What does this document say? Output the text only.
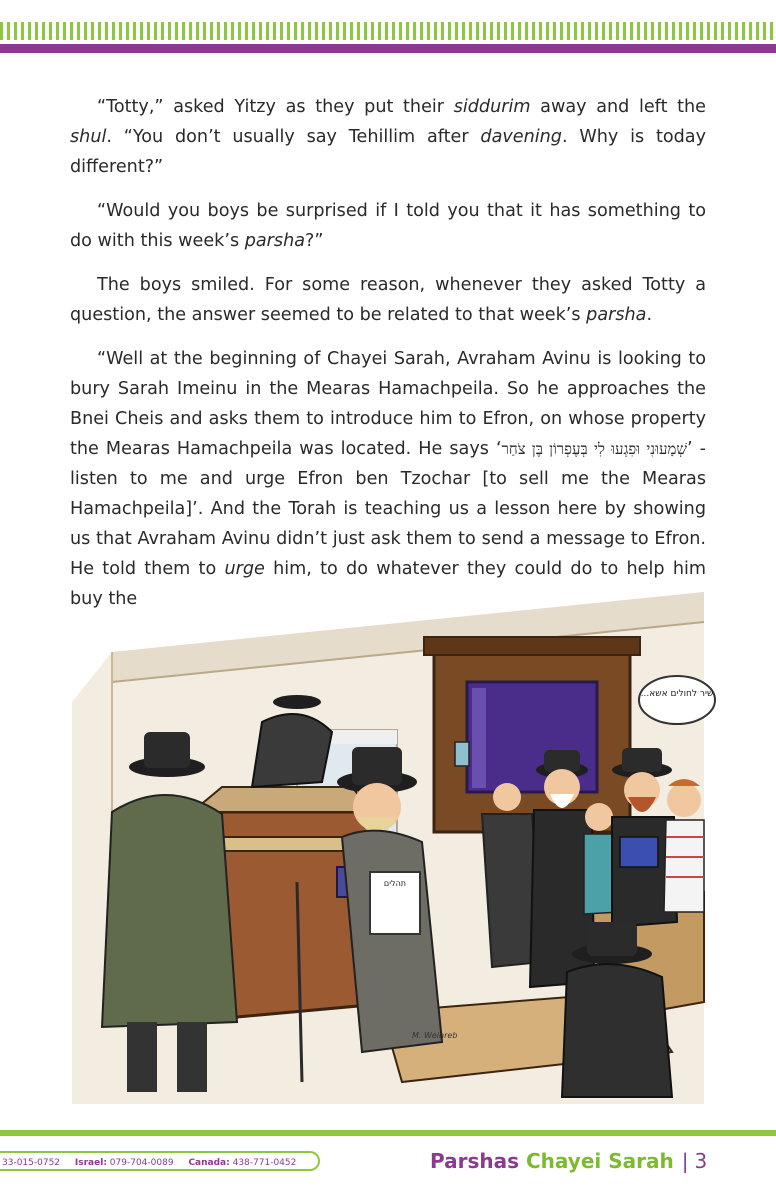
“Totty,” asked Yitzy as they put their siddurim away and left the shul. “You don’t usually say Tehillim after davening. Why is today different?”

“Would you boys be surprised if I told you that it has something to do with this week’s parsha?”

The boys smiled. For some reason, whenever they asked Totty a question, the answer seemed to be related to that week’s parsha.

“Well at the beginning of Chayei Sarah, Avraham Avinu is looking to bury Sarah Imeinu in the Mearas Hamachpeila. So he approaches the Bnei Cheis and asks them to introduce him to Efron, on whose property the Mearas Hamachpeila was located. He says ‘שְׁמָעוּנִי וּפִגְעוּ לִי בְּעֶפְרוֹן בֶּן צֹחַר’ - listen to me and urge Efron ben Tzochar [to sell me the Mearas Hamachpeila]’. And the Torah is teaching us a lesson here by showing us that Avraham Avinu didn’t just ask them to send a message to Efron. He told them to urge him, to do whatever they could do to help him buy the

שיר לחולים אשא...
תהלים
M. Weinreb
33-015-0752 Israel: 079-704-0089 Canada: 438-771-0452	Parshas Chayei Sarah | 3
